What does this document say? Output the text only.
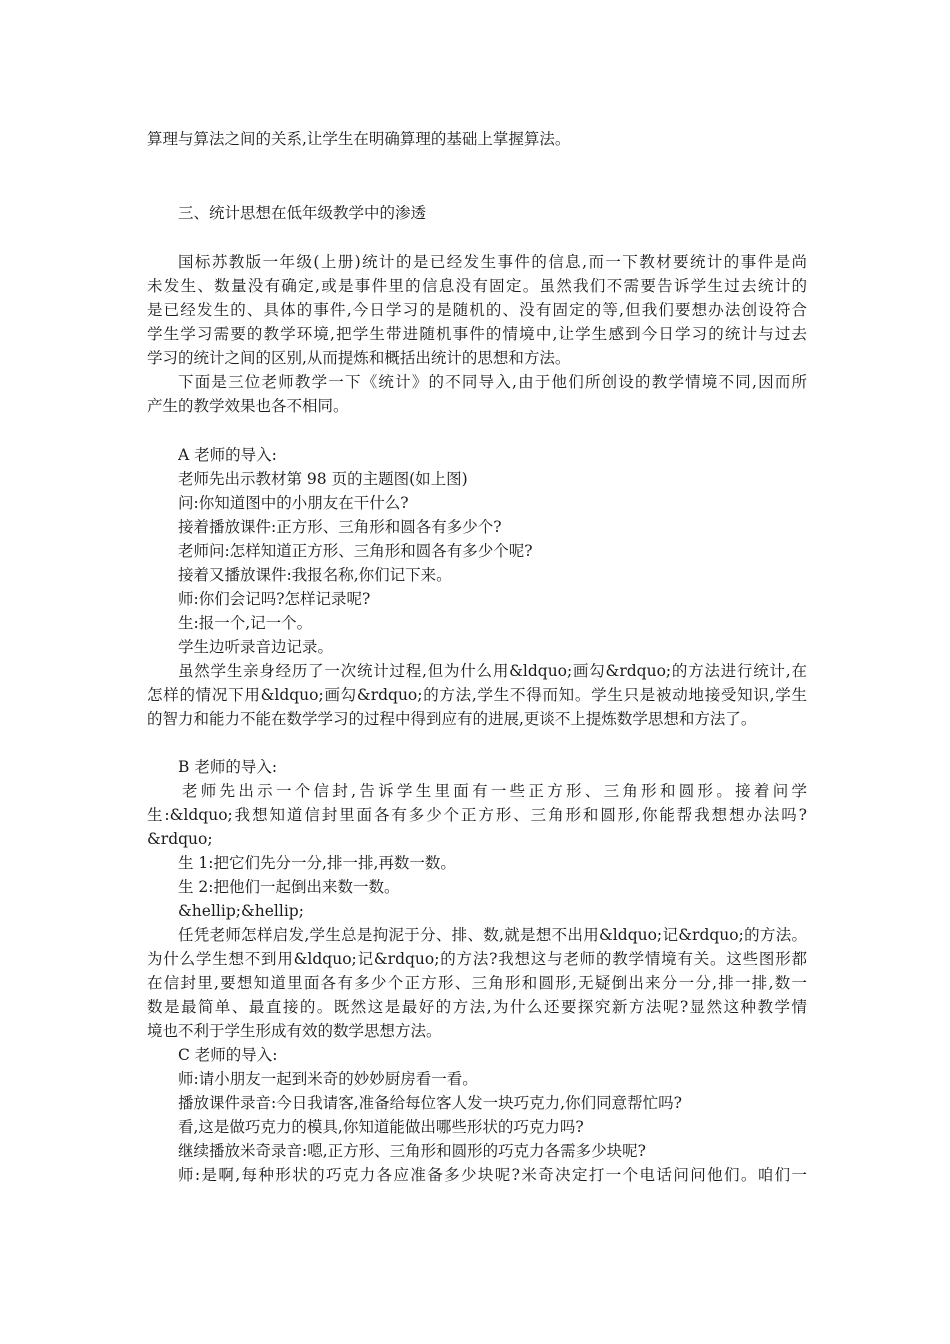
算理与算法之间的关系,让学生在明确算理的基础上掌握算法。
三、统计思想在低年级教学中的渗透
国标苏教版一年级(上册)统计的是已经发生事件的信息,而一下教材要统计的事件是尚
未发生、数量没有确定,或是事件里的信息没有固定。虽然我们不需要告诉学生过去统计的
是已经发生的、具体的事件,今日学习的是随机的、没有固定的等,但我们要想办法创设符合
学生学习需要的教学环境,把学生带进随机事件的情境中,让学生感到今日学习的统计与过去
学习的统计之间的区别,从而提炼和概括出统计的思想和方法。
下面是三位老师教学一下《统计》的不同导入,由于他们所创设的教学情境不同,因而所
产生的教学效果也各不相同。
A 老师的导入:
老师先出示教材第 98 页的主题图(如上图)
问:你知道图中的小朋友在干什么?
接着播放课件:正方形、三角形和圆各有多少个?
老师问:怎样知道正方形、三角形和圆各有多少个呢?
接着又播放课件:我报名称,你们记下来。
师:你们会记吗?怎样记录呢?
生:报一个,记一个。
学生边听录音边记录。
虽然学生亲身经历了一次统计过程,但为什么用&ldquo;画勾&rdquo;的方法进行统计,在
怎样的情况下用&ldquo;画勾&rdquo;的方法,学生不得而知。学生只是被动地接受知识,学生
的智力和能力不能在数学学习的过程中得到应有的进展,更谈不上提炼数学思想和方法了。
B 老师的导入:
老师先出示一个信封,告诉学生里面有一些正方形、三角形和圆形。接着问学
生:&ldquo;我想知道信封里面各有多少个正方形、三角形和圆形,你能帮我想想办法吗?
&rdquo;
生 1:把它们先分一分,排一排,再数一数。
生 2:把他们一起倒出来数一数。
&hellip;&hellip;
任凭老师怎样启发,学生总是拘泥于分、排、数,就是想不出用&ldquo;记&rdquo;的方法。
为什么学生想不到用&ldquo;记&rdquo;的方法?我想这与老师的教学情境有关。这些图形都
在信封里,要想知道里面各有多少个正方形、三角形和圆形,无疑倒出来分一分,排一排,数一
数是最简单、最直接的。既然这是最好的方法,为什么还要探究新方法呢?显然这种教学情
境也不利于学生形成有效的数学思想方法。
C 老师的导入:
师:请小朋友一起到米奇的妙妙厨房看一看。
播放课件录音:今日我请客,准备给每位客人发一块巧克力,你们同意帮忙吗?
看,这是做巧克力的模具,你知道能做出哪些形状的巧克力吗?
继续播放米奇录音:嗯,正方形、三角形和圆形的巧克力各需多少块呢?
师:是啊,每种形状的巧克力各应准备多少块呢?米奇决定打一个电话问问他们。咱们一
